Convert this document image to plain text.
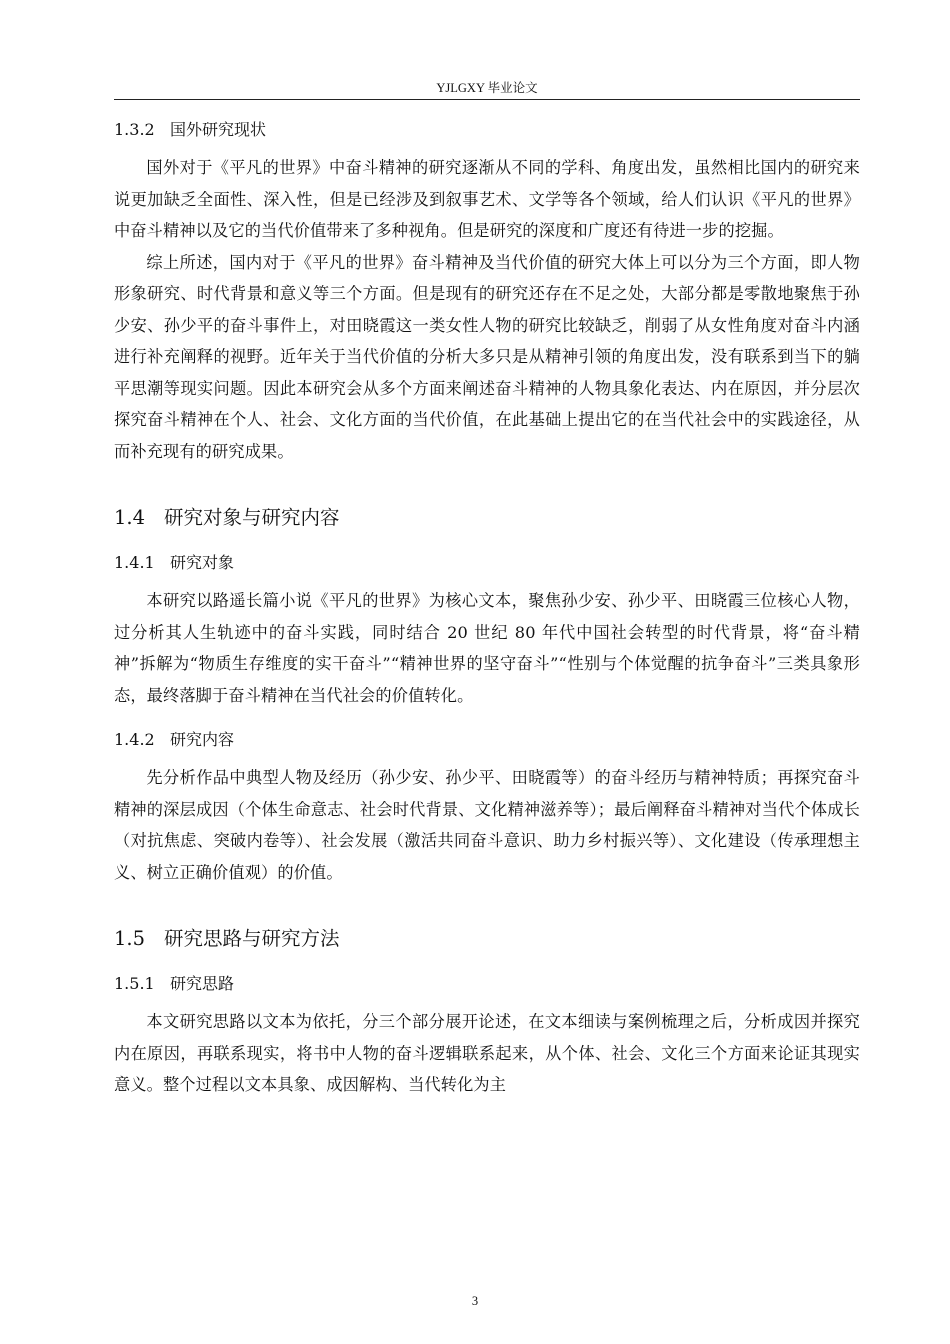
YJLGXY 毕业论文
1.3.2 国外研究现状

国外对于《平凡的世界》中奋斗精神的研究逐渐从不同的学科、角度出发，虽然相比国内的研究来说更加缺乏全面性、深入性，但是已经涉及到叙事艺术、文学等各个领域，给人们认识《平凡的世界》中奋斗精神以及它的当代价值带来了多种视角。但是研究的深度和广度还有待进一步的挖掘。

综上所述，国内对于《平凡的世界》奋斗精神及当代价值的研究大体上可以分为三个方面，即人物形象研究、时代背景和意义等三个方面。但是现有的研究还存在不足之处，大部分都是零散地聚焦于孙少安、孙少平的奋斗事件上，对田晓霞这一类女性人物的研究比较缺乏，削弱了从女性角度对奋斗内涵进行补充阐释的视野。近年关于当代价值的分析大多只是从精神引领的角度出发，没有联系到当下的躺平思潮等现实问题。因此本研究会从多个方面来阐述奋斗精神的人物具象化表达、内在原因，并分层次探究奋斗精神在个人、社会、文化方面的当代价值，在此基础上提出它的在当代社会中的实践途径，从而补充现有的研究成果。

1.4 研究对象与研究内容
1.4.1 研究对象

本研究以路遥长篇小说《平凡的世界》为核心文本，聚焦孙少安、孙少平、田晓霞三位核心人物，过分析其人生轨迹中的奋斗实践，同时结合 20 世纪 80 年代中国社会转型的时代背景，将“奋斗精神”拆解为“物质生存维度的实干奋斗”“精神世界的坚守奋斗”“性别与个体觉醒的抗争奋斗”三类具象形态，最终落脚于奋斗精神在当代社会的价值转化。

1.4.2 研究内容

先分析作品中典型人物及经历（孙少安、孙少平、田晓霞等）的奋斗经历与精神特质；再探究奋斗精神的深层成因（个体生命意志、社会时代背景、文化精神滋养等）；最后阐释奋斗精神对当代个体成长（对抗焦虑、突破内卷等）、社会发展（激活共同奋斗意识、助力乡村振兴等）、文化建设（传承理想主义、树立正确价值观）的价值。

1.5 研究思路与研究方法
1.5.1 研究思路

本文研究思路以文本为依托，分三个部分展开论述，在文本细读与案例梳理之后，分析成因并探究内在原因，再联系现实，将书中人物的奋斗逻辑联系起来，从个体、社会、文化三个方面来论证其现实意义。整个过程以文本具象、成因解构、当代转化为主

3
